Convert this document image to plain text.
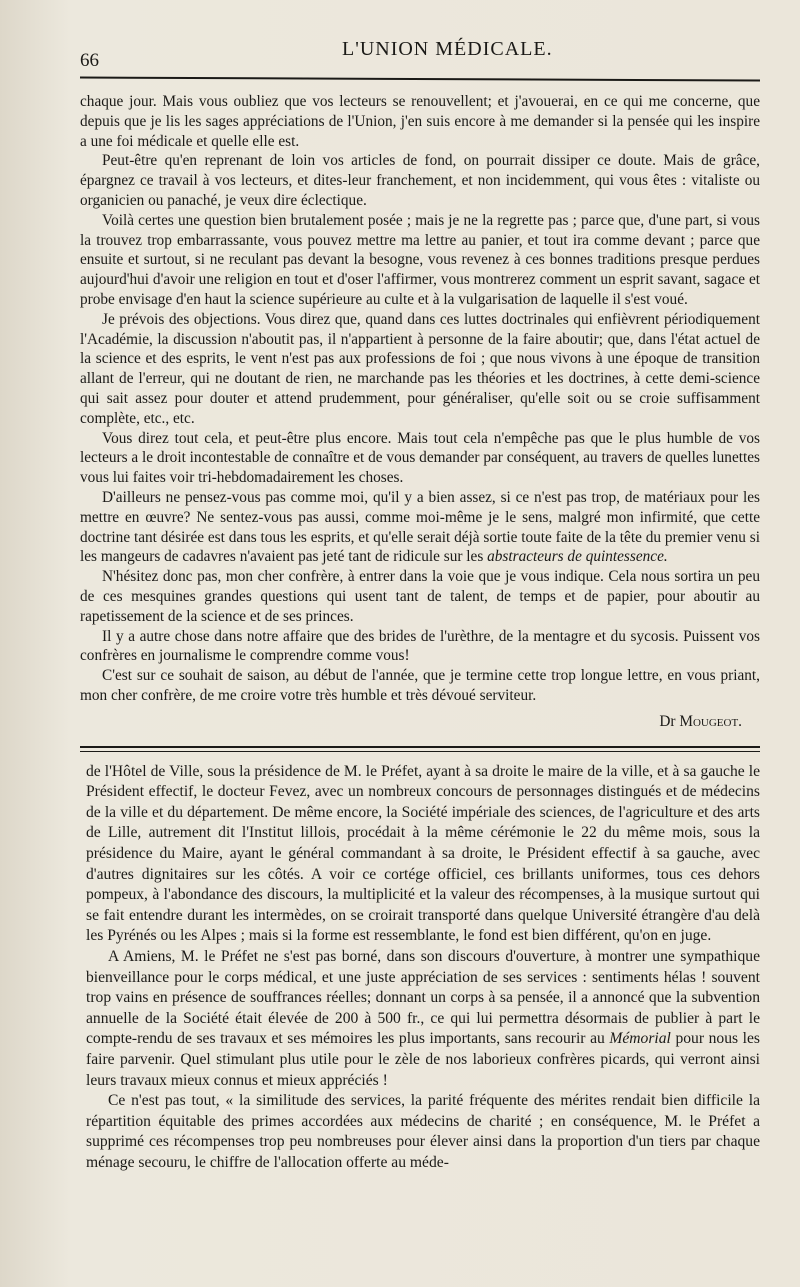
66
L'UNION MÉDICALE.

chaque jour. Mais vous oubliez que vos lecteurs se renouvellent; et j'avouerai, en ce qui me concerne, que depuis que je lis les sages appréciations de l'Union, j'en suis encore à me demander si la pensée qui les inspire a une foi médicale et quelle elle est.

Peut-être qu'en reprenant de loin vos articles de fond, on pourrait dissiper ce doute. Mais de grâce, épargnez ce travail à vos lecteurs, et dites-leur franchement, et non incidemment, qui vous êtes : vitaliste ou organicien ou panaché, je veux dire éclectique.

Voilà certes une question bien brutalement posée ; mais je ne la regrette pas ; parce que, d'une part, si vous la trouvez trop embarrassante, vous pouvez mettre ma lettre au panier, et tout ira comme devant ; parce que ensuite et surtout, si ne reculant pas devant la besogne, vous revenez à ces bonnes traditions presque perdues aujourd'hui d'avoir une religion en tout et d'oser l'affirmer, vous montrerez comment un esprit savant, sagace et probe envisage d'en haut la science supérieure au culte et à la vulgarisation de laquelle il s'est voué.

Je prévois des objections. Vous direz que, quand dans ces luttes doctrinales qui enfièvrent périodiquement l'Académie, la discussion n'aboutit pas, il n'appartient à personne de la faire aboutir; que, dans l'état actuel de la science et des esprits, le vent n'est pas aux professions de foi ; que nous vivons à une époque de transition allant de l'erreur, qui ne doutant de rien, ne marchande pas les théories et les doctrines, à cette demi-science qui sait assez pour douter et attend prudemment, pour généraliser, qu'elle soit ou se croie suffisamment complète, etc., etc.

Vous direz tout cela, et peut-être plus encore. Mais tout cela n'empêche pas que le plus humble de vos lecteurs a le droit incontestable de connaître et de vous demander par conséquent, au travers de quelles lunettes vous lui faites voir tri-hebdomadairement les choses.

D'ailleurs ne pensez-vous pas comme moi, qu'il y a bien assez, si ce n'est pas trop, de matériaux pour les mettre en œuvre? Ne sentez-vous pas aussi, comme moi-même je le sens, malgré mon infirmité, que cette doctrine tant désirée est dans tous les esprits, et qu'elle serait déjà sortie toute faite de la tête du premier venu si les mangeurs de cadavres n'avaient pas jeté tant de ridicule sur les abstracteurs de quintessence.

N'hésitez donc pas, mon cher confrère, à entrer dans la voie que je vous indique. Cela nous sortira un peu de ces mesquines grandes questions qui usent tant de talent, de temps et de papier, pour aboutir au rapetissement de la science et de ses princes.

Il y a autre chose dans notre affaire que des brides de l'urèthre, de la mentagre et du sycosis. Puissent vos confrères en journalisme le comprendre comme vous!

C'est sur ce souhait de saison, au début de l'année, que je termine cette trop longue lettre, en vous priant, mon cher confrère, de me croire votre très humble et très dévoué serviteur.

Dr Mougeot.

de l'Hôtel de Ville, sous la présidence de M. le Préfet, ayant à sa droite le maire de la ville, et à sa gauche le Président effectif, le docteur Fevez, avec un nombreux concours de personnages distingués et de médecins de la ville et du département. De même encore, la Société impériale des sciences, de l'agriculture et des arts de Lille, autrement dit l'Institut lillois, procédait à la même cérémonie le 22 du même mois, sous la présidence du Maire, ayant le général commandant à sa droite, le Président effectif à sa gauche, avec d'autres dignitaires sur les côtés. A voir ce cortége officiel, ces brillants uniformes, tous ces dehors pompeux, à l'abondance des discours, la multiplicité et la valeur des récompenses, à la musique surtout qui se fait entendre durant les intermèdes, on se croirait transporté dans quelque Université étrangère d'au delà les Pyrénés ou les Alpes ; mais si la forme est ressemblante, le fond est bien différent, qu'on en juge.

A Amiens, M. le Préfet ne s'est pas borné, dans son discours d'ouverture, à montrer une sympathique bienveillance pour le corps médical, et une juste appréciation de ses services : sentiments hélas ! souvent trop vains en présence de souffrances réelles; donnant un corps à sa pensée, il a annoncé que la subvention annuelle de la Société était élevée de 200 à 500 fr., ce qui lui permettra désormais de publier à part le compte-rendu de ses travaux et ses mémoires les plus importants, sans recourir au Mémorial pour nous les faire parvenir. Quel stimulant plus utile pour le zèle de nos laborieux confrères picards, qui verront ainsi leurs travaux mieux connus et mieux appréciés !

Ce n'est pas tout, « la similitude des services, la parité fréquente des mérites rendait bien difficile la répartition équitable des primes accordées aux médecins de charité ; en conséquence, M. le Préfet a supprimé ces récompenses trop peu nombreuses pour élever ainsi dans la proportion d'un tiers par chaque ménage secouru, le chiffre de l'allocation offerte au méde-
